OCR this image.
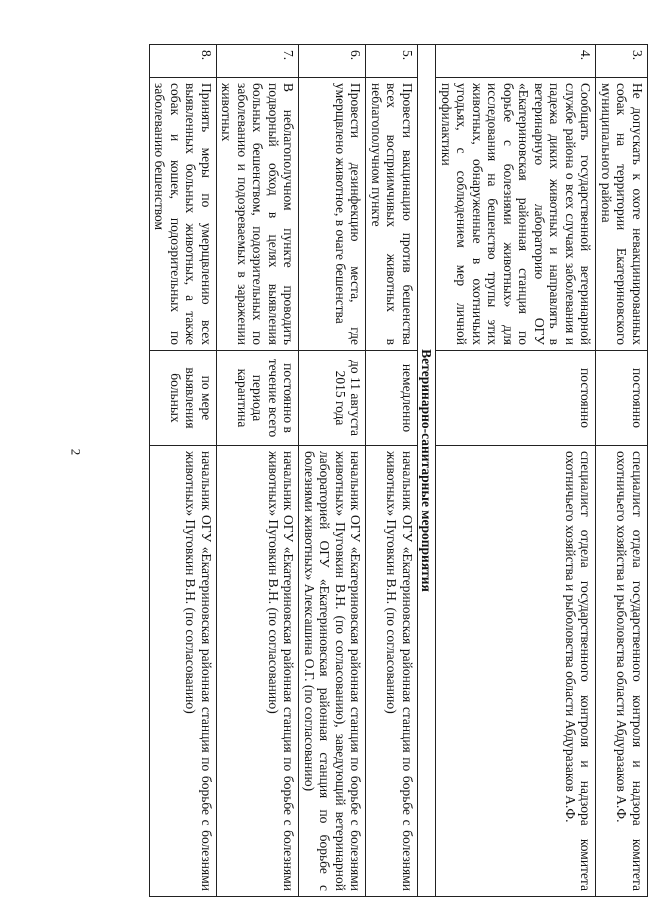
2
3.	Не допускать к охоте невакцинированных собак на территории Екатериновского муниципального района	постоянно	специалист отдела государственного контроля и надзора комитета охотничьего хозяйства и рыболовства области Абдуразаков А.Ф.
4.	Сообщать государственной ветеринарной службе района о всех случаях заболевания и падежа диких животных и направлять в ветеринарную лабораторию ОГУ «Екатериновская районная станция по борьбе с болезнями животных» для исследования на бешенство трупы этих животных, обнаруженные в охотничьих угодьях, с соблюдением мер личной профилактики	постоянно	специалист отдела государственного контроля и надзора комитета охотничьего хозяйства и рыболовства области Абдуразаков А.Ф.
Ветеринарно-санитарные мероприятия			
5.	Провести вакцинацию против бешенства всех восприимчивых животных в неблагополучном пункте	немедленно	начальник ОГУ «Екатериновская районная станция по борьбе с болезнями животных» Пуговкин В.Н. (по согласованию)
6.	Провести дезинфекцию места, где умерщвлено животное, в очаге бешенства	до 11 августа 2015 года	начальник ОГУ «Екатериновская районная станция по борьбе с болезнями животных» Пуговкин В.Н. (по согласованию), заведующий ветеринарной лабораторией ОГУ «Екатериновская районная станция по борьбе с болезнями животных» Алексашина О.Г. (по согласованию)
7.	В неблагополучном пункте проводить подворный обход в целях выявления больных бешенством, подозрительных по заболеванию и подозреваемых в заражении животных	постоянно в течение всего периода карантина	начальник ОГУ «Екатериновская районная станция по борьбе с болезнями животных» Пуговкин В.Н. (по согласованию)
8.	Принять меры по умерщвлению всех выявленных больных животных, а также собак и кошек, подозрительных по заболеванию бешенством	по мере выявления больных	начальник ОГУ «Екатериновская районная станция по борьбе с болезнями животных» Пуговкин В.Н. (по согласованию)
